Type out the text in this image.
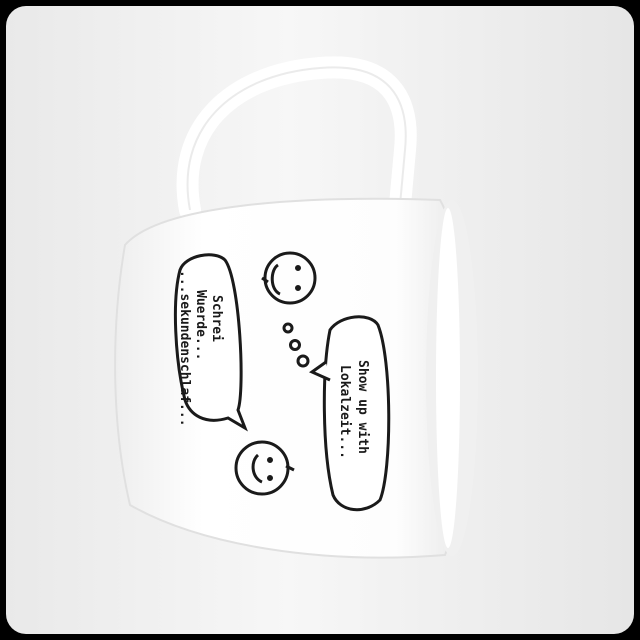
Schrei
Wuerde...
...sekundenschlaf...	Show up with
Lokalzeit...
